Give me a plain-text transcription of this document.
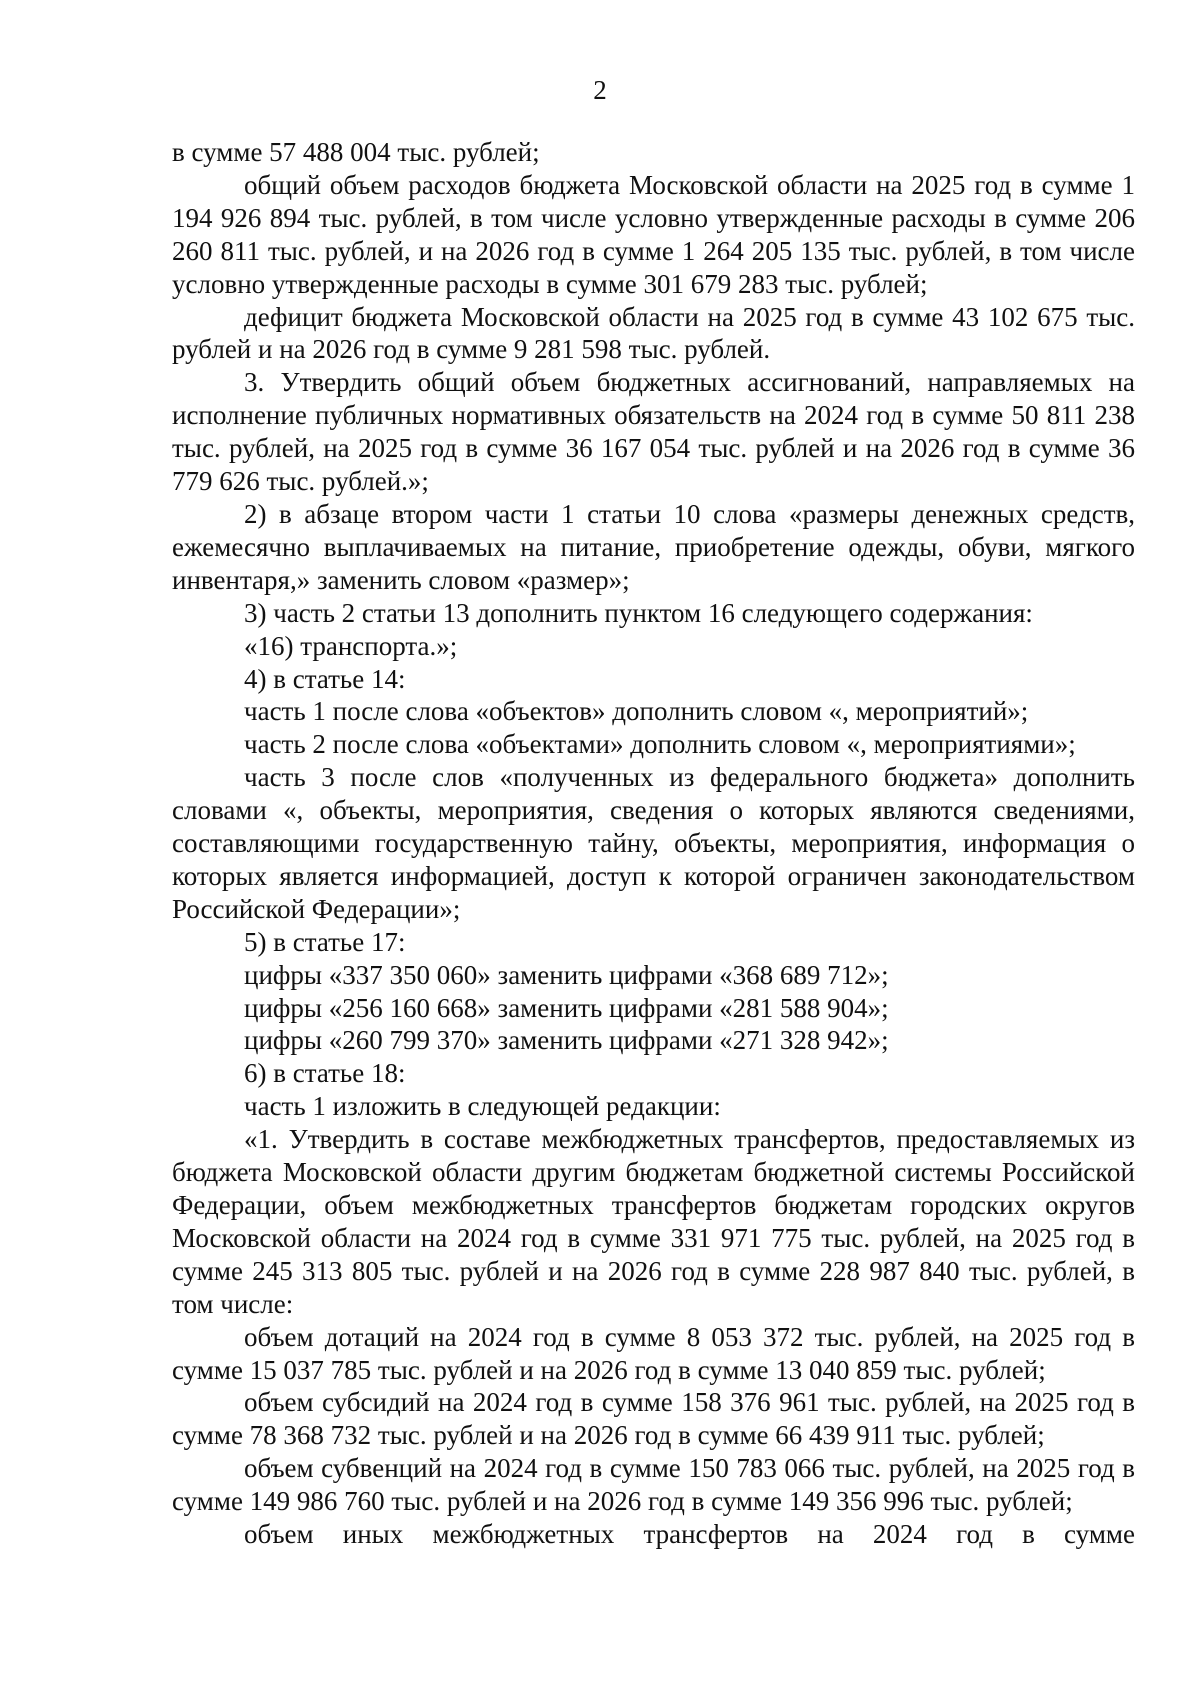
2

в сумме 57 488 004 тыс. рублей;

общий объем расходов бюджета Московской области на 2025 год в сумме 1 194 926 894 тыс. рублей, в том числе условно утвержденные расходы в сумме 206 260 811 тыс. рублей, и на 2026 год в сумме 1 264 205 135 тыс. рублей, в том числе условно утвержденные расходы в сумме 301 679 283 тыс. рублей;

дефицит бюджета Московской области на 2025 год в сумме 43 102 675 тыс. рублей и на 2026 год в сумме 9 281 598 тыс. рублей.

3. Утвердить общий объем бюджетных ассигнований, направляемых на исполнение публичных нормативных обязательств на 2024 год в сумме 50 811 238 тыс. рублей, на 2025 год в сумме 36 167 054 тыс. рублей и на 2026 год в сумме 36 779 626 тыс. рублей.»;

2) в абзаце втором части 1 статьи 10 слова «размеры денежных средств, ежемесячно выплачиваемых на питание, приобретение одежды, обуви, мягкого инвентаря,» заменить словом «размер»;

3) часть 2 статьи 13 дополнить пунктом 16 следующего содержания:

«16) транспорта.»;

4) в статье 14:

часть 1 после слова «объектов» дополнить словом «, мероприятий»;

часть 2 после слова «объектами» дополнить словом «, мероприятиями»;

часть 3 после слов «полученных из федерального бюджета» дополнить словами «, объекты, мероприятия, сведения о которых являются сведениями, составляющими государственную тайну, объекты, мероприятия, информация о которых является информацией, доступ к которой ограничен законодательством Российской Федерации»;

5) в статье 17:

цифры «337 350 060» заменить цифрами «368 689 712»;

цифры «256 160 668» заменить цифрами «281 588 904»;

цифры «260 799 370» заменить цифрами «271 328 942»;

6) в статье 18:

часть 1 изложить в следующей редакции:

«1. Утвердить в составе межбюджетных трансфертов, предоставляемых из бюджета Московской области другим бюджетам бюджетной системы Российской Федерации, объем межбюджетных трансфертов бюджетам городских округов Московской области на 2024 год в сумме 331 971 775 тыс. рублей, на 2025 год в сумме 245 313 805 тыс. рублей и на 2026 год в сумме 228 987 840 тыс. рублей, в том числе:

объем дотаций на 2024 год в сумме 8 053 372 тыс. рублей, на 2025 год в сумме 15 037 785 тыс. рублей и на 2026 год в сумме 13 040 859 тыс. рублей;

объем субсидий на 2024 год в сумме 158 376 961 тыс. рублей, на 2025 год в сумме 78 368 732 тыс. рублей и на 2026 год в сумме 66 439 911 тыс. рублей;

объем субвенций на 2024 год в сумме 150 783 066 тыс. рублей, на 2025 год в сумме 149 986 760 тыс. рублей и на 2026 год в сумме 149 356 996 тыс. рублей;

объем иных межбюджетных трансфертов на 2024 год в сумме
